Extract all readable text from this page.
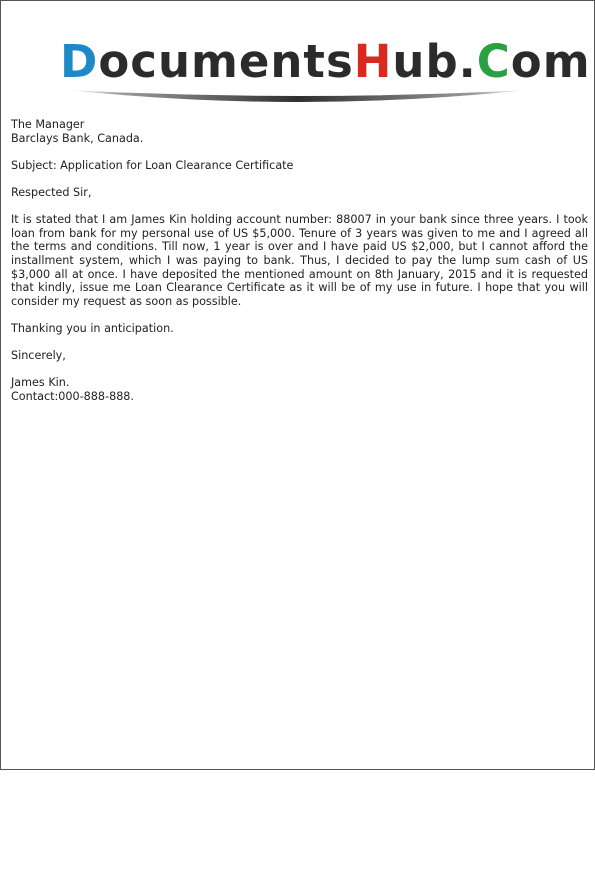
DocumentsHub.Com

The Manager
Barclays Bank, Canada.

Subject: Application for Loan Clearance Certificate

Respected Sir,

It is stated that I am James Kin holding account number: 88007 in your bank since three years. I took loan from bank for my personal use of US $5,000. Tenure of 3 years was given to me and I agreed all the terms and conditions. Till now, 1 year is over and I have paid US $2,000, but I cannot afford the installment system, which I was paying to bank. Thus, I decided to pay the lump sum cash of US $3,000 all at once. I have deposited the mentioned amount on 8th January, 2015 and it is requested that kindly, issue me Loan Clearance Certificate as it will be of my use in future. I hope that you will consider my request as soon as possible.

Thanking you in anticipation.

Sincerely,

James Kin.
Contact:000-888-888.
